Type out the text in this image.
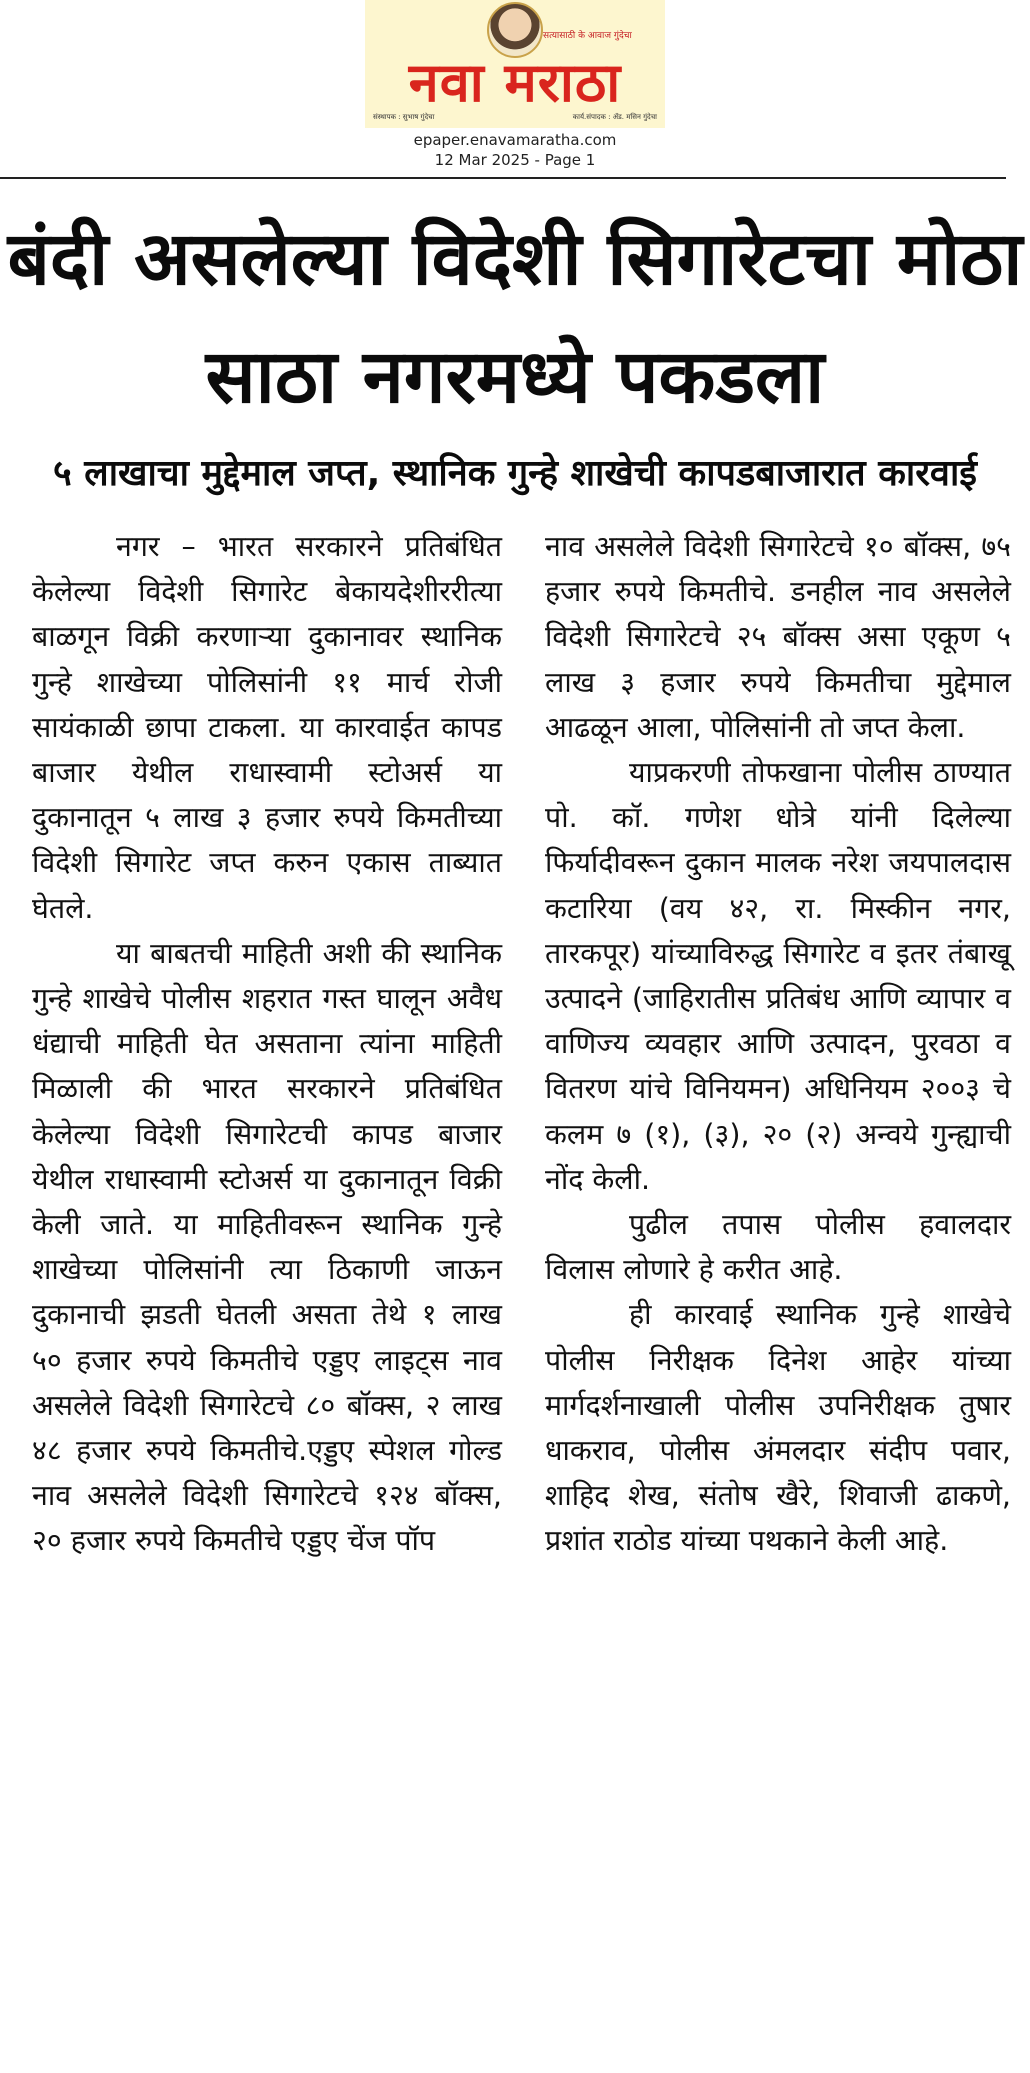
सत्यासाठी के आवाज गुंदेचा
नवा मराठा
संस्थापक : सुभाष गुंदेचा	कार्य.संपादक : ॲड. मसिन गुंदेचा
epaper.enavamaratha.com
12 Mar 2025 - Page 1
बंदी असलेल्या विदेशी सिगारेटचा मोठा साठा नगरमध्ये पकडला
५ लाखाचा मुद्देमाल जप्त, स्थानिक गुन्हे शाखेची कापडबाजारात कारवाई

नगर – भारत सरकारने प्रतिबंधित केलेल्या विदेशी सिगारेट बेकायदेशीररीत्या बाळगून विक्री करणाऱ्या दुकानावर स्थानिक गुन्हे शाखेच्या पोलिसांनी ११ मार्च रोजी सायंकाळी छापा टाकला. या कारवाईत कापड बाजार येथील राधास्वामी स्टोअर्स या दुकानातून ५ लाख ३ हजार रुपये किमतीच्या विदेशी सिगारेट जप्त करुन एकास ताब्यात घेतले.

या बाबतची माहिती अशी की स्थानिक गुन्हे शाखेचे पोलीस शहरात गस्त घालून अवैध धंद्याची माहिती घेत असताना त्यांना माहिती मिळाली की भारत सरकारने प्रतिबंधित केलेल्या विदेशी सिगारेटची कापड बाजार येथील राधास्वामी स्टोअर्स या दुकानातून विक्री केली जाते. या माहितीवरून स्थानिक गुन्हे शाखेच्या पोलिसांनी त्या ठिकाणी जाऊन दुकानाची झडती घेतली असता तेथे १ लाख ५० हजार रुपये किमतीचे एड्डए लाइट्स नाव असलेले विदेशी सिगारेटचे ८० बॉक्स, २ लाख ४८ हजार रुपये किमतीचे.एड्डए स्पेशल गोल्ड नाव असलेले विदेशी सिगारेटचे १२४ बॉक्स, २० हजार रुपये किमतीचे एड्डए चेंज पॉप

नाव असलेले विदेशी सिगारेटचे १० बॉक्स, ७५ हजार रुपये किमतीचे. डनहील नाव असलेले विदेशी सिगारेटचे २५ बॉक्स असा एकूण ५ लाख ३ हजार रुपये किमतीचा मुद्देमाल आढळून आला, पोलिसांनी तो जप्त केला.

याप्रकरणी तोफखाना पोलीस ठाण्यात पो. कॉ. गणेश धोत्रे यांनी दिलेल्या फिर्यादीवरून दुकान मालक नरेश जयपालदास कटारिया (वय ४२, रा. मिस्कीन नगर, तारकपूर) यांच्याविरुद्ध सिगारेट व इतर तंबाखू उत्पादने (जाहिरातीस प्रतिबंध आणि व्यापार व वाणिज्य व्यवहार आणि उत्पादन, पुरवठा व वितरण यांचे विनियमन) अधिनियम २००३ चे कलम ७ (१), (३), २० (२) अन्वये गुन्ह्याची नोंद केली.

पुढील तपास पोलीस हवालदार विलास लोणारे हे करीत आहे.

ही कारवाई स्थानिक गुन्हे शाखेचे पोलीस निरीक्षक दिनेश आहेर यांच्या मार्गदर्शनाखाली पोलीस उपनिरीक्षक तुषार धाकराव, पोलीस अंमलदार संदीप पवार, शाहिद शेख, संतोष खैरे, शिवाजी ढाकणे, प्रशांत राठोड यांच्या पथकाने केली आहे.
